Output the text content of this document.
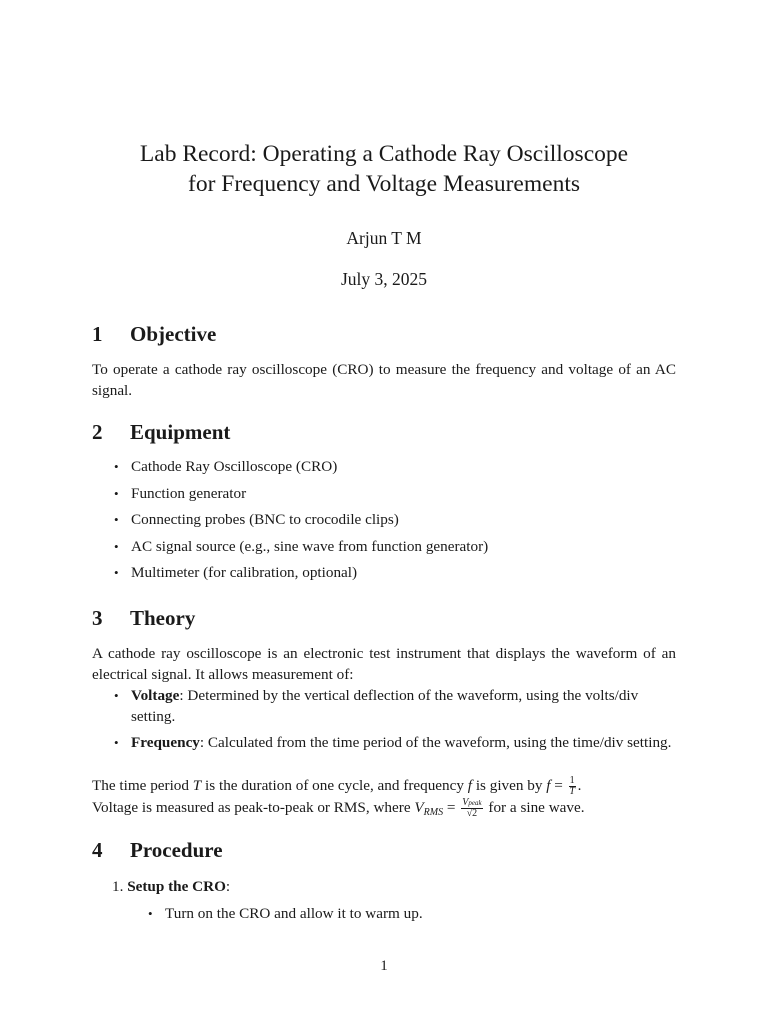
Lab Record: Operating a Cathode Ray Oscilloscope
for Frequency and Voltage Measurements
Arjun T M
July 3, 2025
1 Objective

To operate a cathode ray oscilloscope (CRO) to measure the frequency and voltage of an AC signal.

2 Equipment
• Cathode Ray Oscilloscope (CRO)
• Function generator
• Connecting probes (BNC to crocodile clips)
• AC signal source (e.g., sine wave from function generator)
• Multimeter (for calibration, optional)
3 Theory

A cathode ray oscilloscope is an electronic test instrument that displays the waveform of an electrical signal. It allows measurement of:

• Voltage: Determined by the vertical deflection of the waveform, using the volts/div setting.
• Frequency: Calculated from the time period of the waveform, using the time/div setting.

The time period T is the duration of one cycle, and frequency f is given by $f = \frac{1}{T}$ .
Voltage is measured as peak-to-peak or RMS, where $V_{RMS} = \frac{\text{Vpeak}}{√2}$ for a sine wave.

4 Procedure
1. Setup the CRO:
• Turn on the CRO and allow it to warm up.
1
